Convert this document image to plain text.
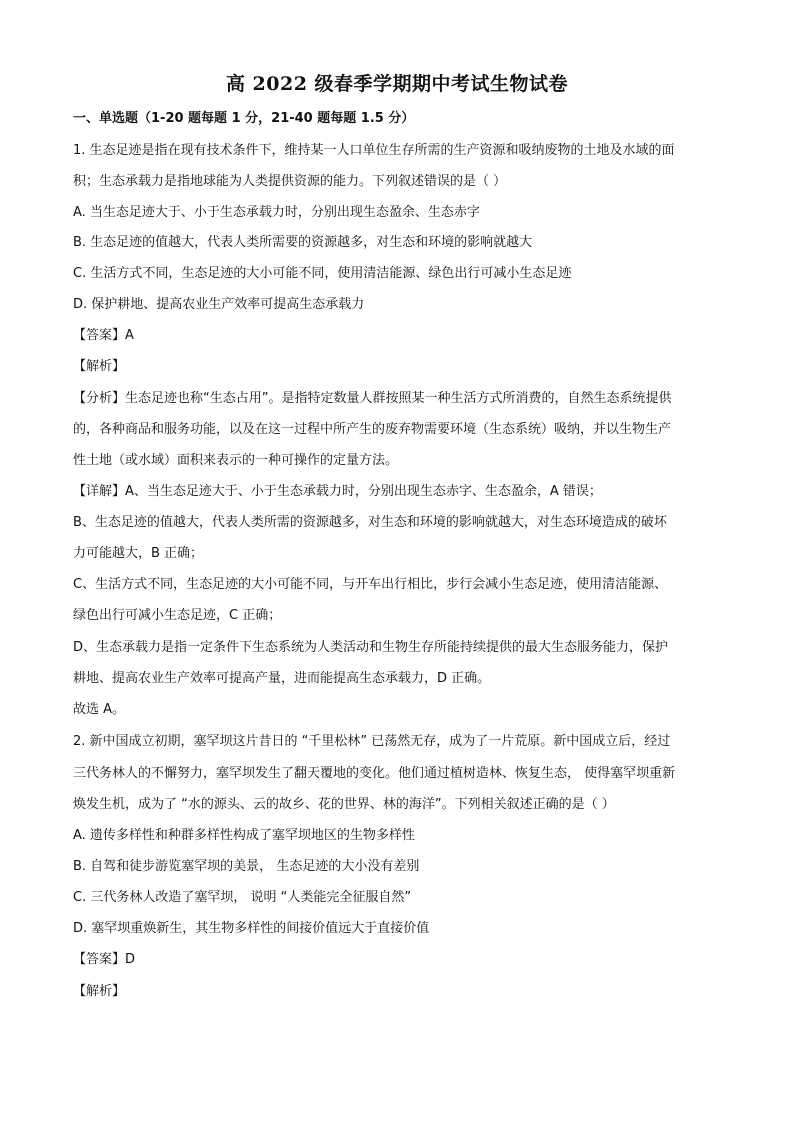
高 2022 级春季学期期中考试生物试卷
一、单选题（1-20 题每题 1 分，21-40 题每题 1.5 分）
1. 生态足迹是指在现有技术条件下，维持某一人口单位生存所需的生产资源和吸纳废物的土地及水域的面
积；生态承载力是指地球能为人类提供资源的能力。下列叙述错误的是（ ）
A. 当生态足迹大于、小于生态承载力时，分别出现生态盈余、生态赤字
B. 生态足迹的值越大，代表人类所需要的资源越多，对生态和环境的影响就越大
C. 生活方式不同，生态足迹的大小可能不同，使用清洁能源、绿色出行可减小生态足迹
D. 保护耕地、提高农业生产效率可提高生态承载力
【答案】A
【解析】
【分析】生态足迹也称“生态占用”。是指特定数量人群按照某一种生活方式所消费的，自然生态系统提供
的，各种商品和服务功能，以及在这一过程中所产生的废弃物需要环境（生态系统）吸纳，并以生物生产
性土地（或水域）面积来表示的一种可操作的定量方法。
【详解】A、当生态足迹大于、小于生态承载力时，分别出现生态赤字、生态盈余，A 错误；
B、生态足迹的值越大，代表人类所需的资源越多，对生态和环境的影响就越大，对生态环境造成的破坏
力可能越大，B 正确；
C、生活方式不同，生态足迹的大小可能不同，与开车出行相比，步行会减小生态足迹，使用清洁能源、
绿色出行可减小生态足迹，C 正确；
D、生态承载力是指一定条件下生态系统为人类活动和生物生存所能持续提供的最大生态服务能力，保护
耕地、提高农业生产效率可提高产量，进而能提高生态承载力，D 正确。
故选 A。
2. 新中国成立初期，塞罕坝这片昔日的 “千里松林” 已荡然无存，成为了一片荒原。新中国成立后，经过
三代务林人的不懈努力，塞罕坝发生了翻天覆地的变化。他们通过植树造林、恢复生态， 使得塞罕坝重新
焕发生机，成为了 “水的源头、云的故乡、花的世界、林的海洋”。下列相关叙述正确的是（ ）
A. 遗传多样性和种群多样性构成了塞罕坝地区的生物多样性
B. 自驾和徒步游览塞罕坝的美景， 生态足迹的大小没有差别
C. 三代务林人改造了塞罕坝， 说明 “人类能完全征服自然”
D. 塞罕坝重焕新生，其生物多样性的间接价值远大于直接价值
【答案】D
【解析】
